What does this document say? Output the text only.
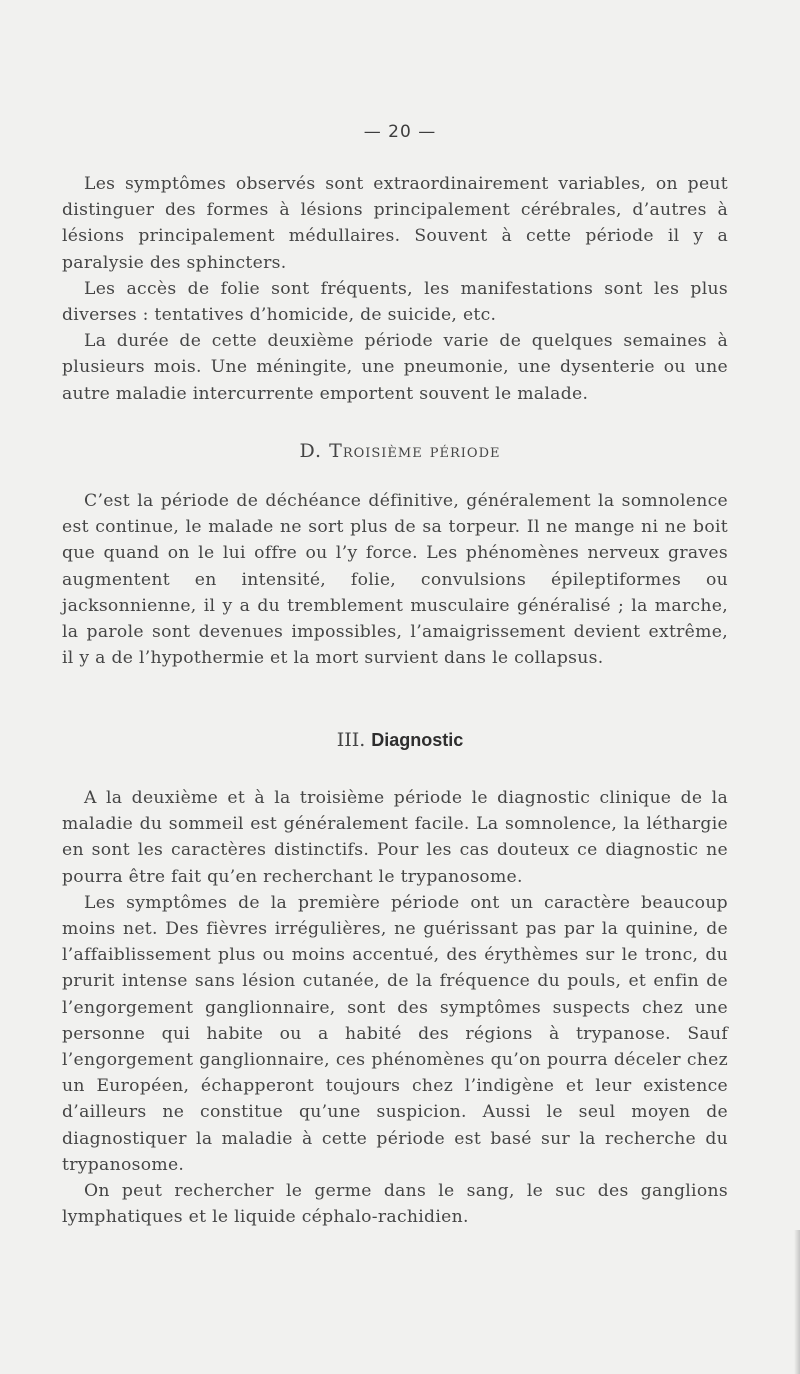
— 20 —

Les symptômes observés sont extraordinairement variables, on peut distinguer des formes à lésions principalement cérébrales, d’autres à lésions principalement médullaires. Souvent à cette période il y a paralysie des sphincters.

Les accès de folie sont fréquents, les manifestations sont les plus diverses : tentatives d’homicide, de suicide, etc.

La durée de cette deuxième période varie de quelques semaines à plusieurs mois. Une méningite, une pneumonie, une dysenterie ou une autre maladie intercurrente emportent souvent le malade.

D. Troisième période

C’est la période de déchéance définitive, généralement la somnolence est continue, le malade ne sort plus de sa torpeur. Il ne mange ni ne boit que quand on le lui offre ou l’y force. Les phénomènes nerveux graves augmentent en intensité, folie, convulsions épileptiformes ou jacksonnienne, il y a du tremblement musculaire généralisé ; la marche, la parole sont devenues impossibles, l’amaigrissement devient extrême, il y a de l’hypothermie et la mort survient dans le collapsus.

III. Diagnostic

A la deuxième et à la troisième période le diagnostic clinique de la maladie du sommeil est généralement facile. La somnolence, la léthargie en sont les caractères distinctifs. Pour les cas douteux ce diagnostic ne pourra être fait qu’en recherchant le trypanosome.

Les symptômes de la première période ont un caractère beaucoup moins net. Des fièvres irrégulières, ne guérissant pas par la quinine, de l’affaiblissement plus ou moins accentué, des érythèmes sur le tronc, du prurit intense sans lésion cutanée, de la fréquence du pouls, et enfin de l’engorgement ganglionnaire, sont des symptômes suspects chez une personne qui habite ou a habité des régions à trypanose. Sauf l’engorgement ganglionnaire, ces phénomènes qu’on pourra déceler chez un Européen, échapperont toujours chez l’indigène et leur existence d’ailleurs ne constitue qu’une suspicion. Aussi le seul moyen de diagnostiquer la maladie à cette période est basé sur la recherche du trypanosome.

On peut rechercher le germe dans le sang, le suc des ganglions lymphatiques et le liquide céphalo-rachidien.
